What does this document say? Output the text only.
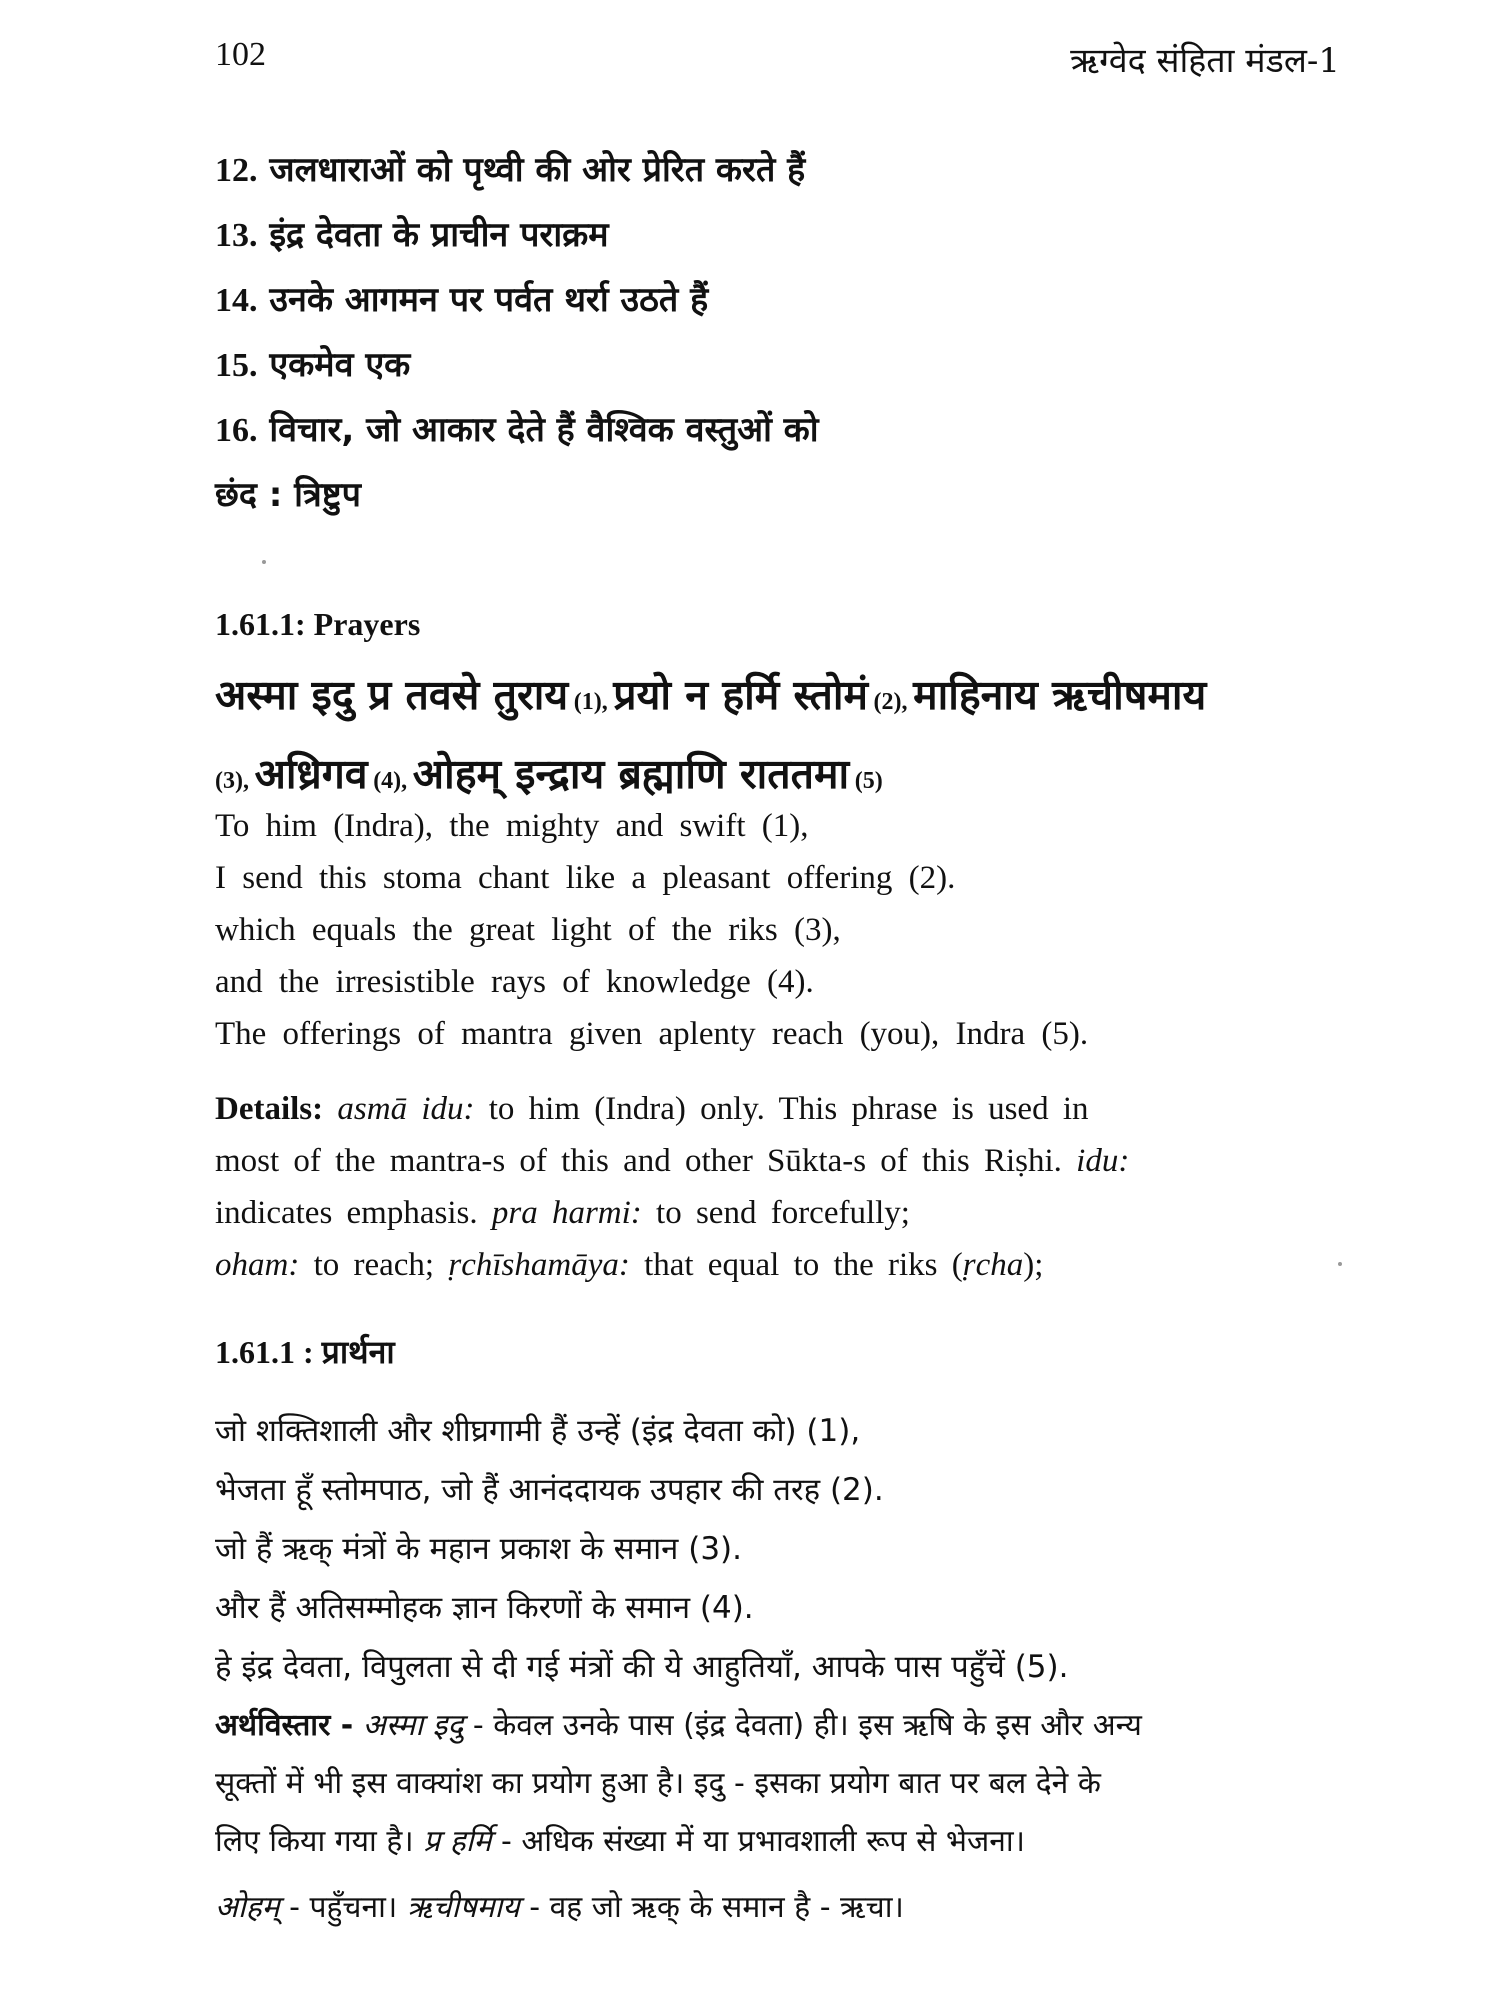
102	ऋग्वेद संहिता मंडल-1
12. जलधाराओं को पृथ्वी की ओर प्रेरित करते हैं
13. इंद्र देवता के प्राचीन पराक्रम
14. उनके आगमन पर पर्वत थर्रा उठते हैं
15. एकमेव एक
16. विचार, जो आकार देते हैं वैश्विक वस्तुओं को
छंद : त्रिष्टुप
1.61.1: Prayers
अस्मा इदु प्र तवसे तुराय (1), प्रयो न हर्मि स्तोमं (2), माहिनाय ऋचीषमाय
(3), अध्रिगव (4), ओहम् इन्द्राय ब्रह्माणि राततमा (5)
To him (Indra), the mighty and swift (1),
I send this stoma chant like a pleasant offering (2).
which equals the great light of the riks (3),
and the irresistible rays of knowledge (4).
The offerings of mantra given aplenty reach (you), Indra (5).
Details: asmā idu: to him (Indra) only. This phrase is used in
most of the mantra-s of this and other Sūkta-s of this Riṣhi. idu:
indicates emphasis. pra harmi: to send forcefully;
oham: to reach; ṛchīshamāya: that equal to the riks (ṛcha);
1.61.1 : प्रार्थना
जो शक्तिशाली और शीघ्रगामी हैं उन्हें (इंद्र देवता को) (1),
भेजता हूँ स्तोमपाठ, जो हैं आनंददायक उपहार की तरह (2).
जो हैं ऋक् मंत्रों के महान प्रकाश के समान (3).
और हैं अतिसम्मोहक ज्ञान किरणों के समान (4).
हे इंद्र देवता, विपुलता से दी गई मंत्रों की ये आहुतियाँ, आपके पास पहुँचें (5).
अर्थविस्तार - अस्मा इदु - केवल उनके पास (इंद्र देवता) ही। इस ऋषि के इस और अन्य
सूक्तों में भी इस वाक्यांश का प्रयोग हुआ है। इदु - इसका प्रयोग बात पर बल देने के
लिए किया गया है। प्र हर्मि - अधिक संख्या में या प्रभावशाली रूप से भेजना।
ओहम् - पहुँचना। ऋचीषमाय - वह जो ऋक् के समान है - ऋचा।
